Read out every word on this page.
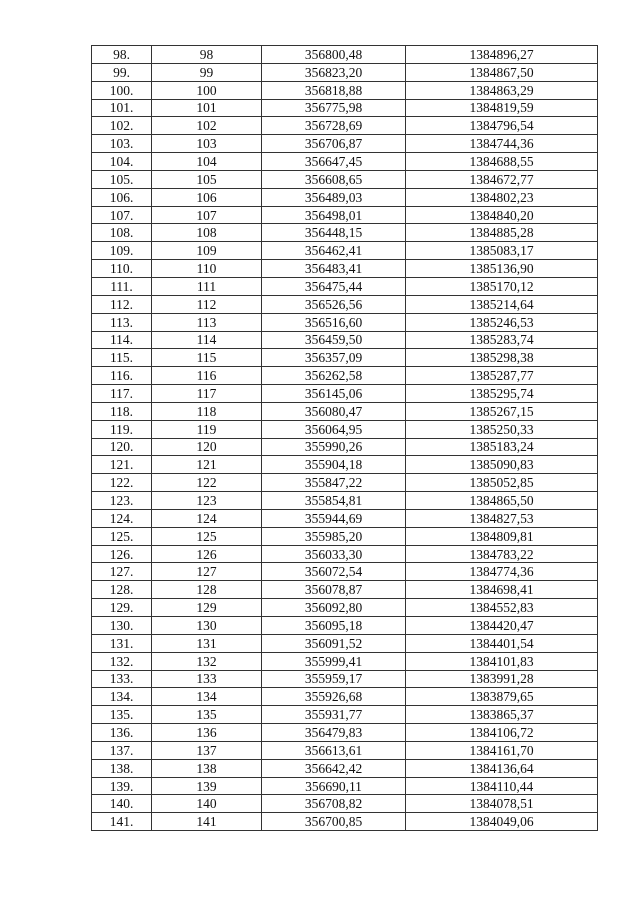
98.	98	356800,48	1384896,27
99.	99	356823,20	1384867,50
100.	100	356818,88	1384863,29
101.	101	356775,98	1384819,59
102.	102	356728,69	1384796,54
103.	103	356706,87	1384744,36
104.	104	356647,45	1384688,55
105.	105	356608,65	1384672,77
106.	106	356489,03	1384802,23
107.	107	356498,01	1384840,20
108.	108	356448,15	1384885,28
109.	109	356462,41	1385083,17
110.	110	356483,41	1385136,90
111.	111	356475,44	1385170,12
112.	112	356526,56	1385214,64
113.	113	356516,60	1385246,53
114.	114	356459,50	1385283,74
115.	115	356357,09	1385298,38
116.	116	356262,58	1385287,77
117.	117	356145,06	1385295,74
118.	118	356080,47	1385267,15
119.	119	356064,95	1385250,33
120.	120	355990,26	1385183,24
121.	121	355904,18	1385090,83
122.	122	355847,22	1385052,85
123.	123	355854,81	1384865,50
124.	124	355944,69	1384827,53
125.	125	355985,20	1384809,81
126.	126	356033,30	1384783,22
127.	127	356072,54	1384774,36
128.	128	356078,87	1384698,41
129.	129	356092,80	1384552,83
130.	130	356095,18	1384420,47
131.	131	356091,52	1384401,54
132.	132	355999,41	1384101,83
133.	133	355959,17	1383991,28
134.	134	355926,68	1383879,65
135.	135	355931,77	1383865,37
136.	136	356479,83	1384106,72
137.	137	356613,61	1384161,70
138.	138	356642,42	1384136,64
139.	139	356690,11	1384110,44
140.	140	356708,82	1384078,51
141.	141	356700,85	1384049,06
